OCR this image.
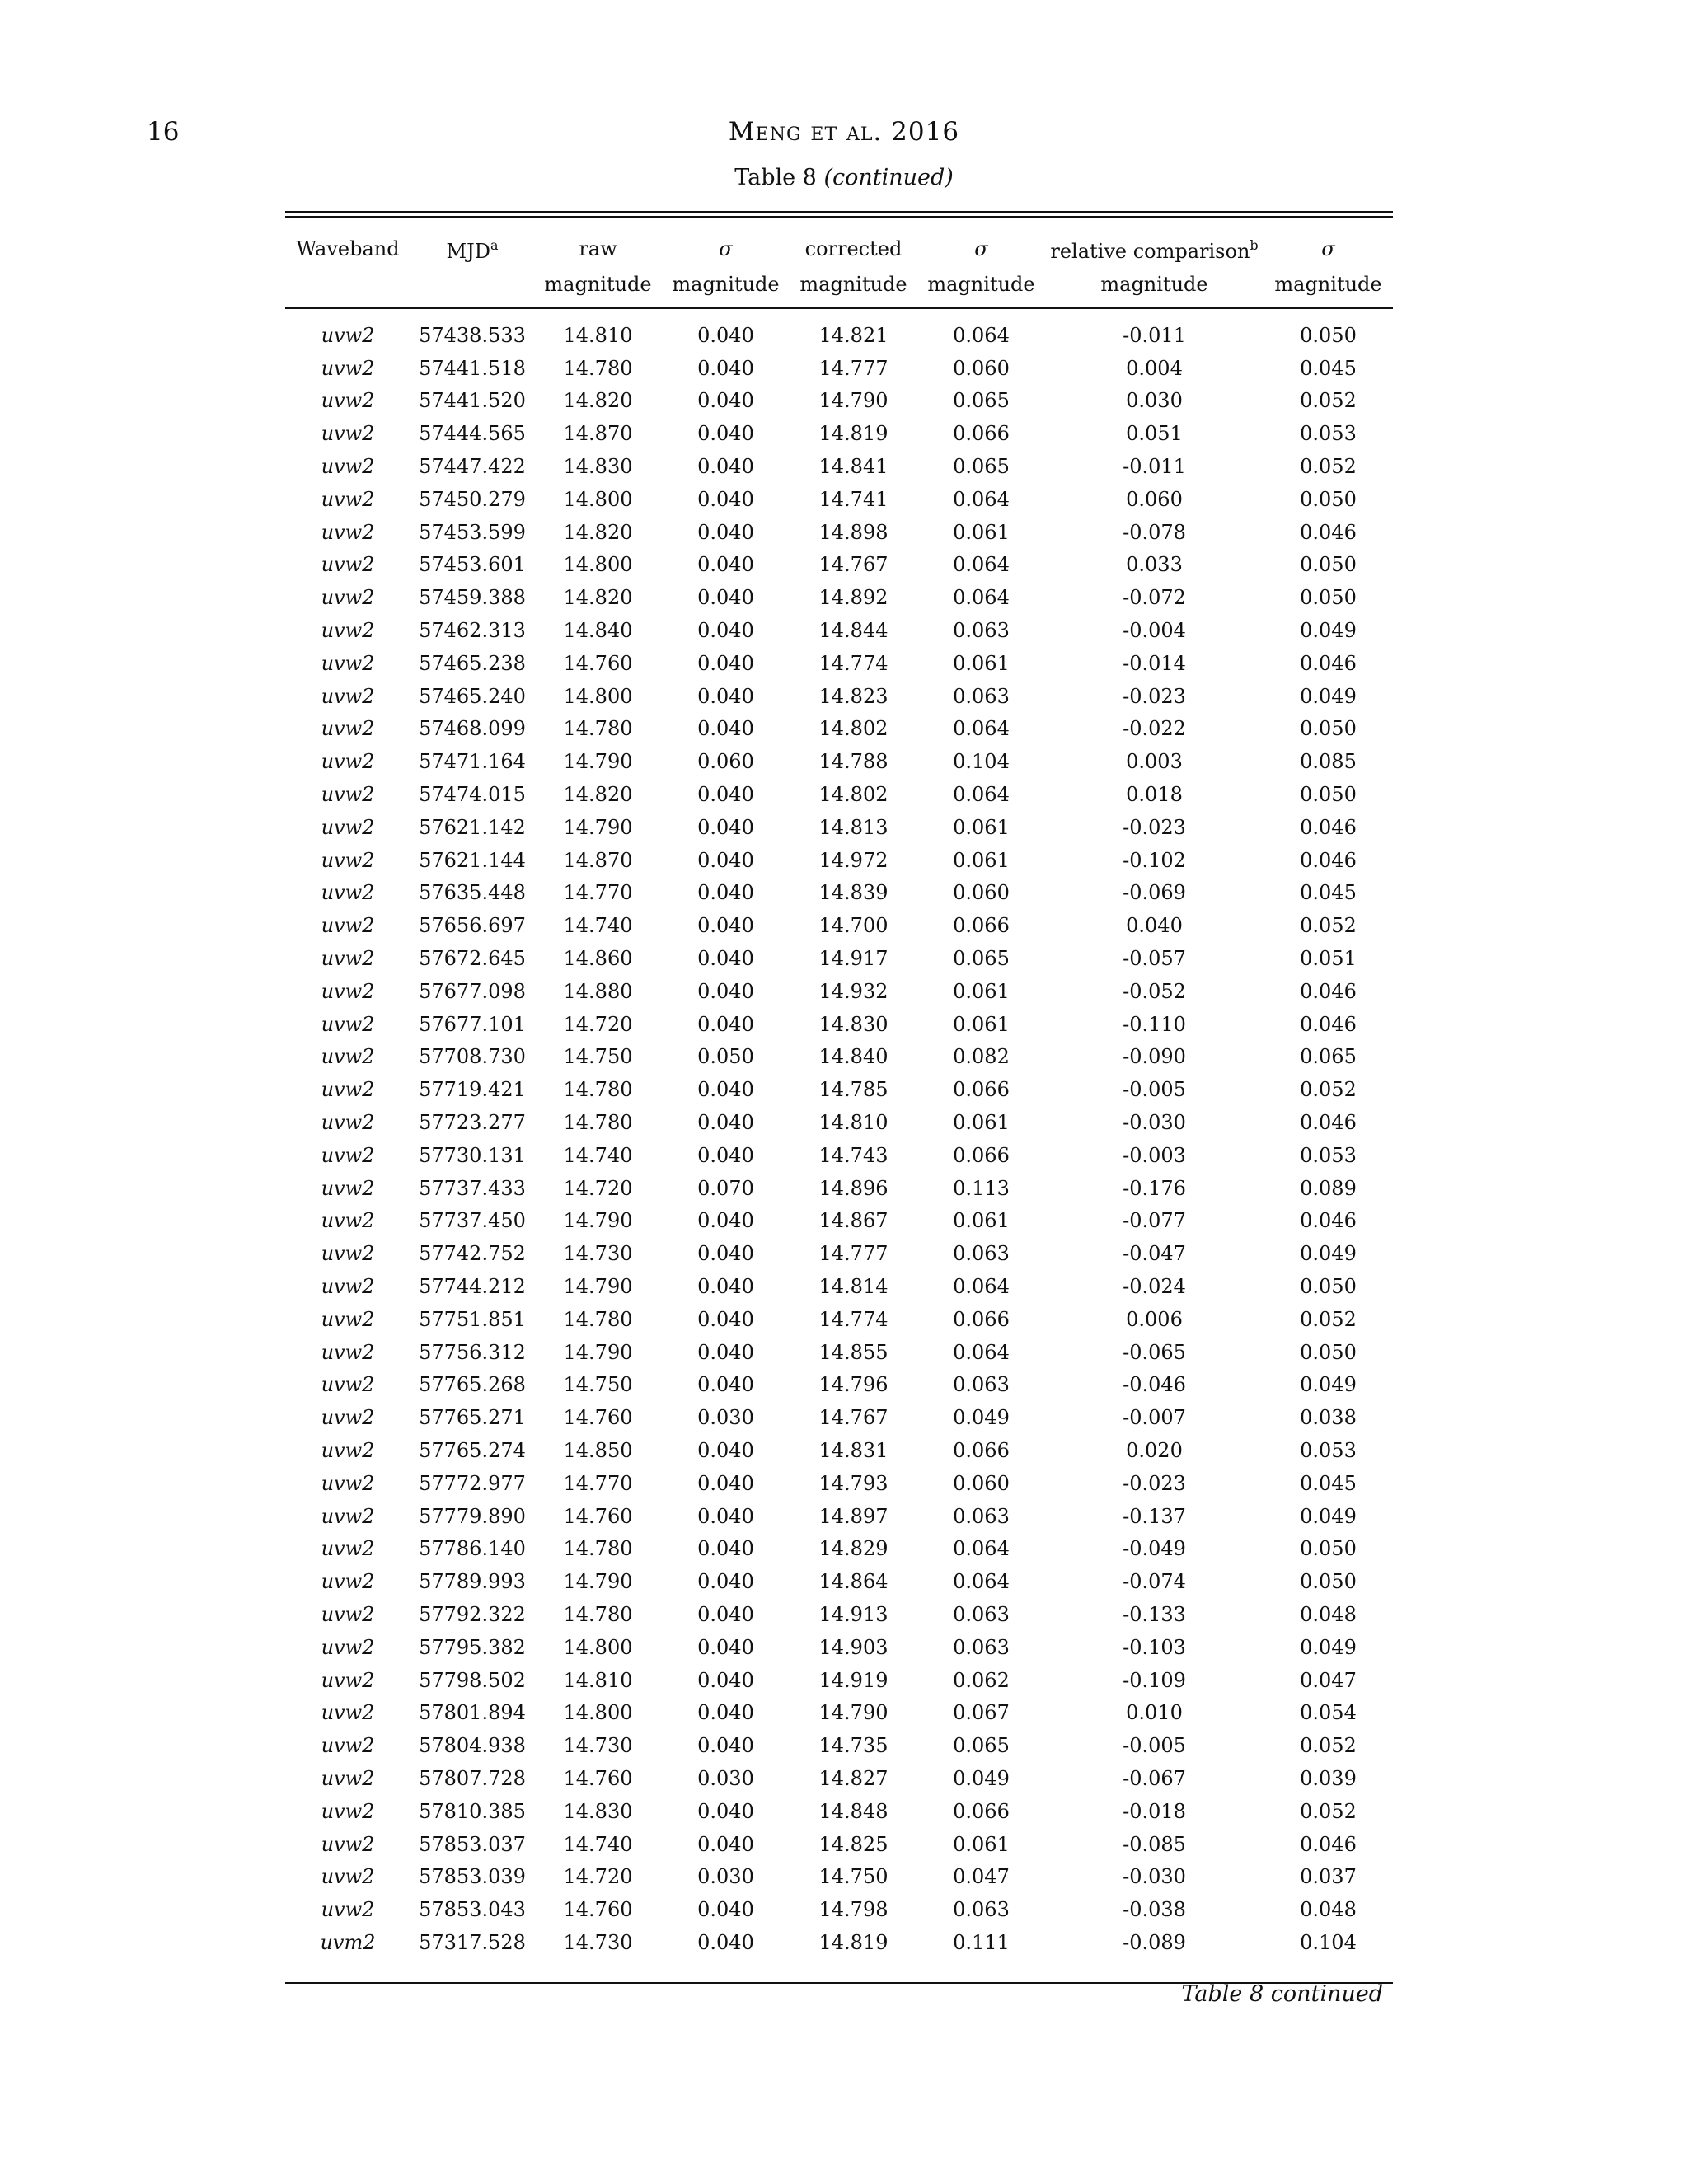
16	Meng et al. 2016
Table 8 (continued)
Waveband	MJD$^a$	raw	σ	corrected	σ	relative comparison$^b$	σ
		magnitude	magnitude	magnitude	magnitude	magnitude	magnitude
uvw2	57438.533	14.810	0.040	14.821	0.064	-0.011	0.050
uvw2	57441.518	14.780	0.040	14.777	0.060	0.004	0.045
uvw2	57441.520	14.820	0.040	14.790	0.065	0.030	0.052
uvw2	57444.565	14.870	0.040	14.819	0.066	0.051	0.053
uvw2	57447.422	14.830	0.040	14.841	0.065	-0.011	0.052
uvw2	57450.279	14.800	0.040	14.741	0.064	0.060	0.050
uvw2	57453.599	14.820	0.040	14.898	0.061	-0.078	0.046
uvw2	57453.601	14.800	0.040	14.767	0.064	0.033	0.050
uvw2	57459.388	14.820	0.040	14.892	0.064	-0.072	0.050
uvw2	57462.313	14.840	0.040	14.844	0.063	-0.004	0.049
uvw2	57465.238	14.760	0.040	14.774	0.061	-0.014	0.046
uvw2	57465.240	14.800	0.040	14.823	0.063	-0.023	0.049
uvw2	57468.099	14.780	0.040	14.802	0.064	-0.022	0.050
uvw2	57471.164	14.790	0.060	14.788	0.104	0.003	0.085
uvw2	57474.015	14.820	0.040	14.802	0.064	0.018	0.050
uvw2	57621.142	14.790	0.040	14.813	0.061	-0.023	0.046
uvw2	57621.144	14.870	0.040	14.972	0.061	-0.102	0.046
uvw2	57635.448	14.770	0.040	14.839	0.060	-0.069	0.045
uvw2	57656.697	14.740	0.040	14.700	0.066	0.040	0.052
uvw2	57672.645	14.860	0.040	14.917	0.065	-0.057	0.051
uvw2	57677.098	14.880	0.040	14.932	0.061	-0.052	0.046
uvw2	57677.101	14.720	0.040	14.830	0.061	-0.110	0.046
uvw2	57708.730	14.750	0.050	14.840	0.082	-0.090	0.065
uvw2	57719.421	14.780	0.040	14.785	0.066	-0.005	0.052
uvw2	57723.277	14.780	0.040	14.810	0.061	-0.030	0.046
uvw2	57730.131	14.740	0.040	14.743	0.066	-0.003	0.053
uvw2	57737.433	14.720	0.070	14.896	0.113	-0.176	0.089
uvw2	57737.450	14.790	0.040	14.867	0.061	-0.077	0.046
uvw2	57742.752	14.730	0.040	14.777	0.063	-0.047	0.049
uvw2	57744.212	14.790	0.040	14.814	0.064	-0.024	0.050
uvw2	57751.851	14.780	0.040	14.774	0.066	0.006	0.052
uvw2	57756.312	14.790	0.040	14.855	0.064	-0.065	0.050
uvw2	57765.268	14.750	0.040	14.796	0.063	-0.046	0.049
uvw2	57765.271	14.760	0.030	14.767	0.049	-0.007	0.038
uvw2	57765.274	14.850	0.040	14.831	0.066	0.020	0.053
uvw2	57772.977	14.770	0.040	14.793	0.060	-0.023	0.045
uvw2	57779.890	14.760	0.040	14.897	0.063	-0.137	0.049
uvw2	57786.140	14.780	0.040	14.829	0.064	-0.049	0.050
uvw2	57789.993	14.790	0.040	14.864	0.064	-0.074	0.050
uvw2	57792.322	14.780	0.040	14.913	0.063	-0.133	0.048
uvw2	57795.382	14.800	0.040	14.903	0.063	-0.103	0.049
uvw2	57798.502	14.810	0.040	14.919	0.062	-0.109	0.047
uvw2	57801.894	14.800	0.040	14.790	0.067	0.010	0.054
uvw2	57804.938	14.730	0.040	14.735	0.065	-0.005	0.052
uvw2	57807.728	14.760	0.030	14.827	0.049	-0.067	0.039
uvw2	57810.385	14.830	0.040	14.848	0.066	-0.018	0.052
uvw2	57853.037	14.740	0.040	14.825	0.061	-0.085	0.046
uvw2	57853.039	14.720	0.030	14.750	0.047	-0.030	0.037
uvw2	57853.043	14.760	0.040	14.798	0.063	-0.038	0.048
uvm2	57317.528	14.730	0.040	14.819	0.111	-0.089	0.104
Table 8 continued
